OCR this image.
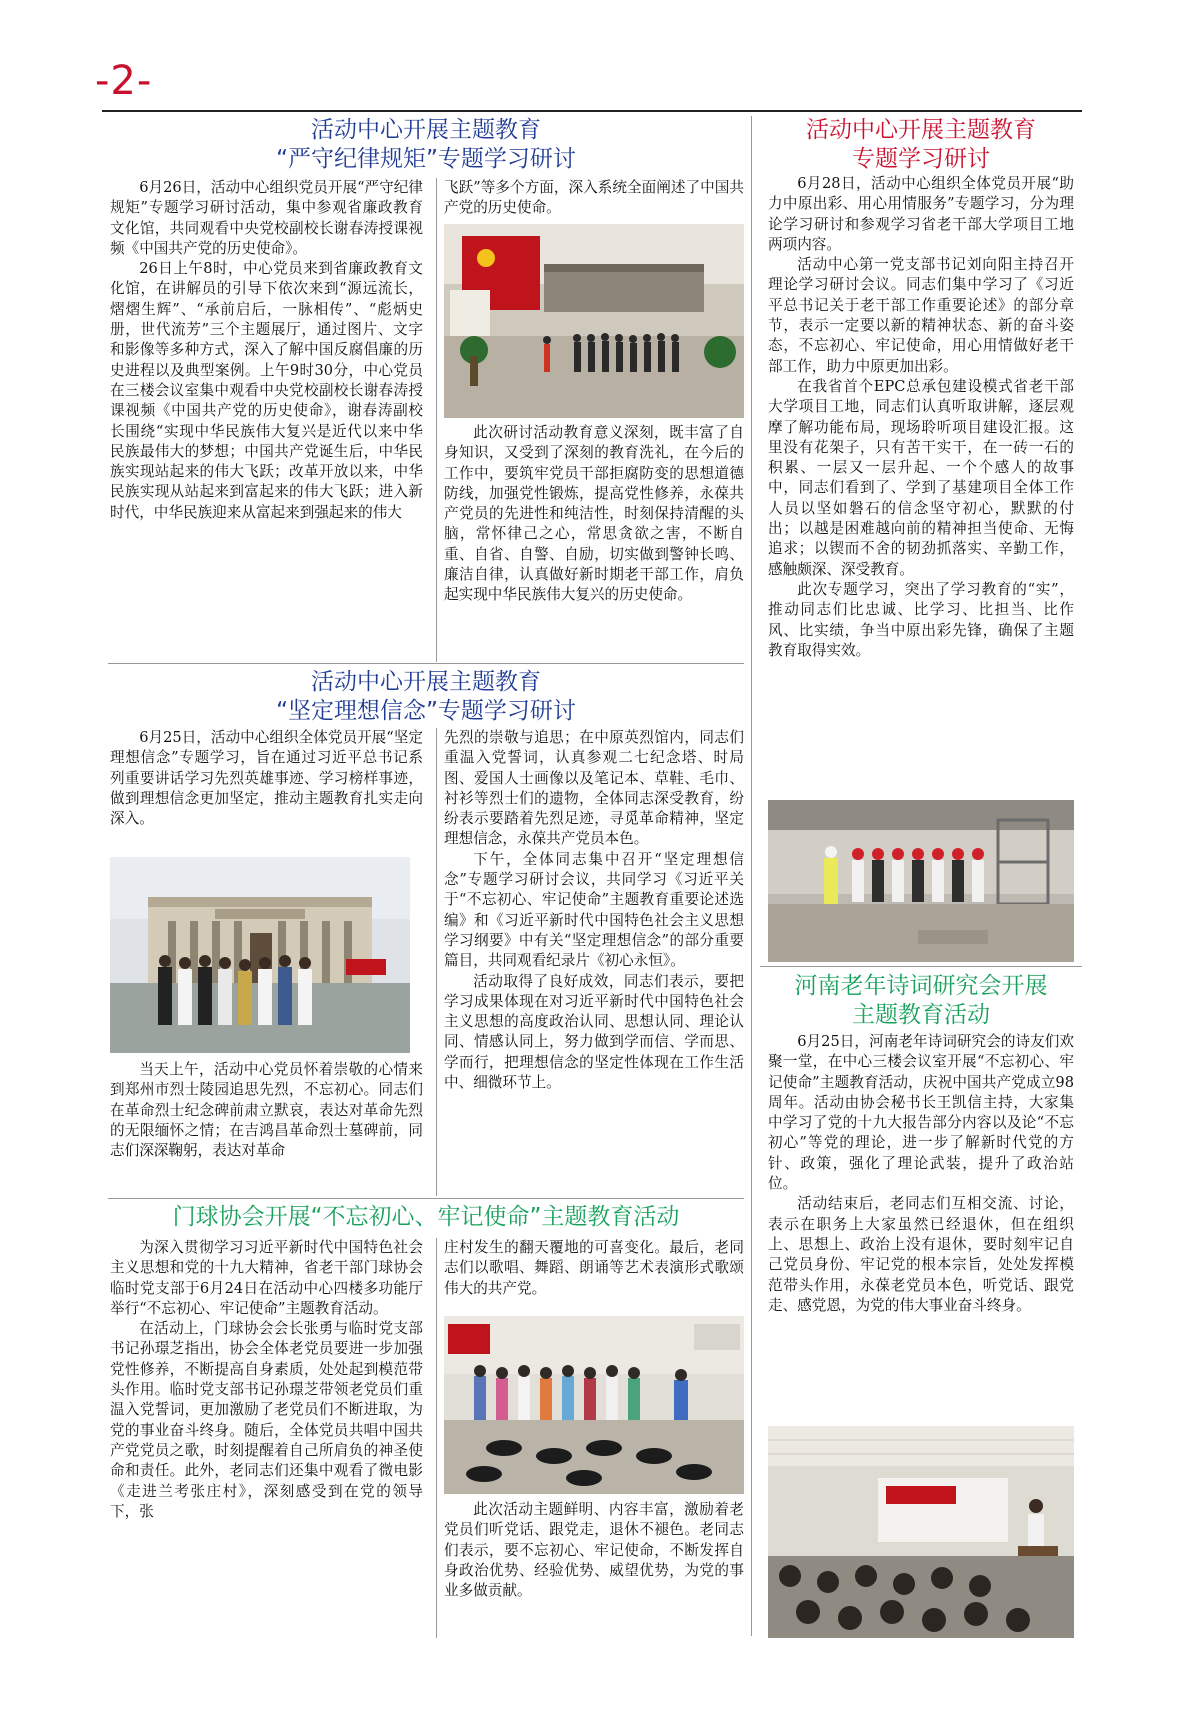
-2-
活动中心开展主题教育
“严守纪律规矩”专题学习研讨

6月26日，活动中心组织党员开展“严守纪律规矩”专题学习研讨活动，集中参观省廉政教育文化馆，共同观看中央党校副校长谢春涛授课视频《中国共产党的历史使命》。

26日上午8时，中心党员来到省廉政教育文化馆，在讲解员的引导下依次来到“源远流长，熠熠生辉”、“承前启后，一脉相传”、“彪炳史册，世代流芳”三个主题展厅，通过图片、文字和影像等多种方式，深入了解中国反腐倡廉的历史进程以及典型案例。上午9时30分，中心党员在三楼会议室集中观看中央党校副校长谢春涛授课视频《中国共产党的历史使命》，谢春涛副校长围绕“实现中华民族伟大复兴是近代以来中华民族最伟大的梦想；中国共产党诞生后，中华民族实现站起来的伟大飞跃；改革开放以来，中华民族实现从站起来到富起来的伟大飞跃；进入新时代，中华民族迎来从富起来到强起来的伟大

飞跃”等多个方面，深入系统全面阐述了中国共产党的历史使命。

此次研讨活动教育意义深刻，既丰富了自身知识，又受到了深刻的教育洗礼，在今后的工作中，要筑牢党员干部拒腐防变的思想道德防线，加强党性锻炼，提高党性修养，永葆共产党员的先进性和纯洁性，时刻保持清醒的头脑，常怀律己之心，常思贪欲之害，不断自重、自省、自警、自励，切实做到警钟长鸣、廉洁自律，认真做好新时期老干部工作，肩负起实现中华民族伟大复兴的历史使命。

活动中心开展主题教育
“坚定理想信念”专题学习研讨

6月25日，活动中心组织全体党员开展“坚定理想信念”专题学习，旨在通过习近平总书记系列重要讲话学习先烈英雄事迹、学习榜样事迹，做到理想信念更加坚定，推动主题教育扎实走向深入。

当天上午，活动中心党员怀着崇敬的心情来到郑州市烈士陵园追思先烈，不忘初心。同志们在革命烈士纪念碑前肃立默哀，表达对革命先烈的无限缅怀之情；在吉鸿昌革命烈士墓碑前，同志们深深鞠躬，表达对革命

先烈的崇敬与追思；在中原英烈馆内，同志们重温入党誓词，认真参观二七纪念塔、时局图、爱国人士画像以及笔记本、草鞋、毛巾、衬衫等烈士们的遗物，全体同志深受教育，纷纷表示要踏着先烈足迹，寻觅革命精神，坚定理想信念，永葆共产党员本色。

下午，全体同志集中召开“坚定理想信念”专题学习研讨会议，共同学习《习近平关于“不忘初心、牢记使命”主题教育重要论述选编》和《习近平新时代中国特色社会主义思想学习纲要》中有关“坚定理想信念”的部分重要篇目，共同观看纪录片《初心永恒》。

活动取得了良好成效，同志们表示，要把学习成果体现在对习近平新时代中国特色社会主义思想的高度政治认同、思想认同、理论认同、情感认同上，努力做到学而信、学而思、学而行，把理想信念的坚定性体现在工作生活中、细微环节上。

门球协会开展“不忘初心、牢记使命”主题教育活动

为深入贯彻学习习近平新时代中国特色社会主义思想和党的十九大精神，省老干部门球协会临时党支部于6月24日在活动中心四楼多功能厅举行“不忘初心、牢记使命”主题教育活动。

在活动上，门球协会会长张勇与临时党支部书记孙璟芝指出，协会全体老党员要进一步加强党性修养，不断提高自身素质，处处起到模范带头作用。临时党支部书记孙璟芝带领老党员们重温入党誓词，更加激励了老党员们不断进取，为党的事业奋斗终身。随后，全体党员共唱中国共产党党员之歌，时刻提醒着自己所肩负的神圣使命和责任。此外，老同志们还集中观看了微电影《走进兰考张庄村》，深刻感受到在党的领导下，张

庄村发生的翻天覆地的可喜变化。最后，老同志们以歌唱、舞蹈、朗诵等艺术表演形式歌颂伟大的共产党。

此次活动主题鲜明、内容丰富，激励着老党员们听党话、跟党走，退休不褪色。老同志们表示，要不忘初心、牢记使命，不断发挥自身政治优势、经验优势、威望优势，为党的事业多做贡献。

活动中心开展主题教育
专题学习研讨

6月28日，活动中心组织全体党员开展“助力中原出彩、用心用情服务”专题学习，分为理论学习研讨和参观学习省老干部大学项目工地两项内容。

活动中心第一党支部书记刘向阳主持召开理论学习研讨会议。同志们集中学习了《习近平总书记关于老干部工作重要论述》的部分章节，表示一定要以新的精神状态、新的奋斗姿态，不忘初心、牢记使命，用心用情做好老干部工作，助力中原更加出彩。

在我省首个EPC总承包建设模式省老干部大学项目工地，同志们认真听取讲解，逐层观摩了解功能布局，现场聆听项目建设汇报。这里没有花架子，只有苦干实干，在一砖一石的积累、一层又一层升起、一个个感人的故事中，同志们看到了、学到了基建项目全体工作人员以坚如磐石的信念坚守初心，默默的付出；以越是困难越向前的精神担当使命、无悔追求；以锲而不舍的韧劲抓落实、辛勤工作，感触颇深、深受教育。

此次专题学习，突出了学习教育的“实”，推动同志们比忠诚、比学习、比担当、比作风、比实绩，争当中原出彩先锋，确保了主题教育取得实效。

河南老年诗词研究会开展
主题教育活动

6月25日，河南老年诗词研究会的诗友们欢聚一堂，在中心三楼会议室开展“不忘初心、牢记使命”主题教育活动，庆祝中国共产党成立98周年。活动由协会秘书长王凯信主持，大家集中学习了党的十九大报告部分内容以及论“不忘初心”等党的理论，进一步了解新时代党的方针、政策，强化了理论武装，提升了政治站位。

活动结束后，老同志们互相交流、讨论，表示在职务上大家虽然已经退休，但在组织上、思想上、政治上没有退休，要时刻牢记自己党员身份、牢记党的根本宗旨，处处发挥模范带头作用，永葆老党员本色，听党话、跟党走、感党恩，为党的伟大事业奋斗终身。
